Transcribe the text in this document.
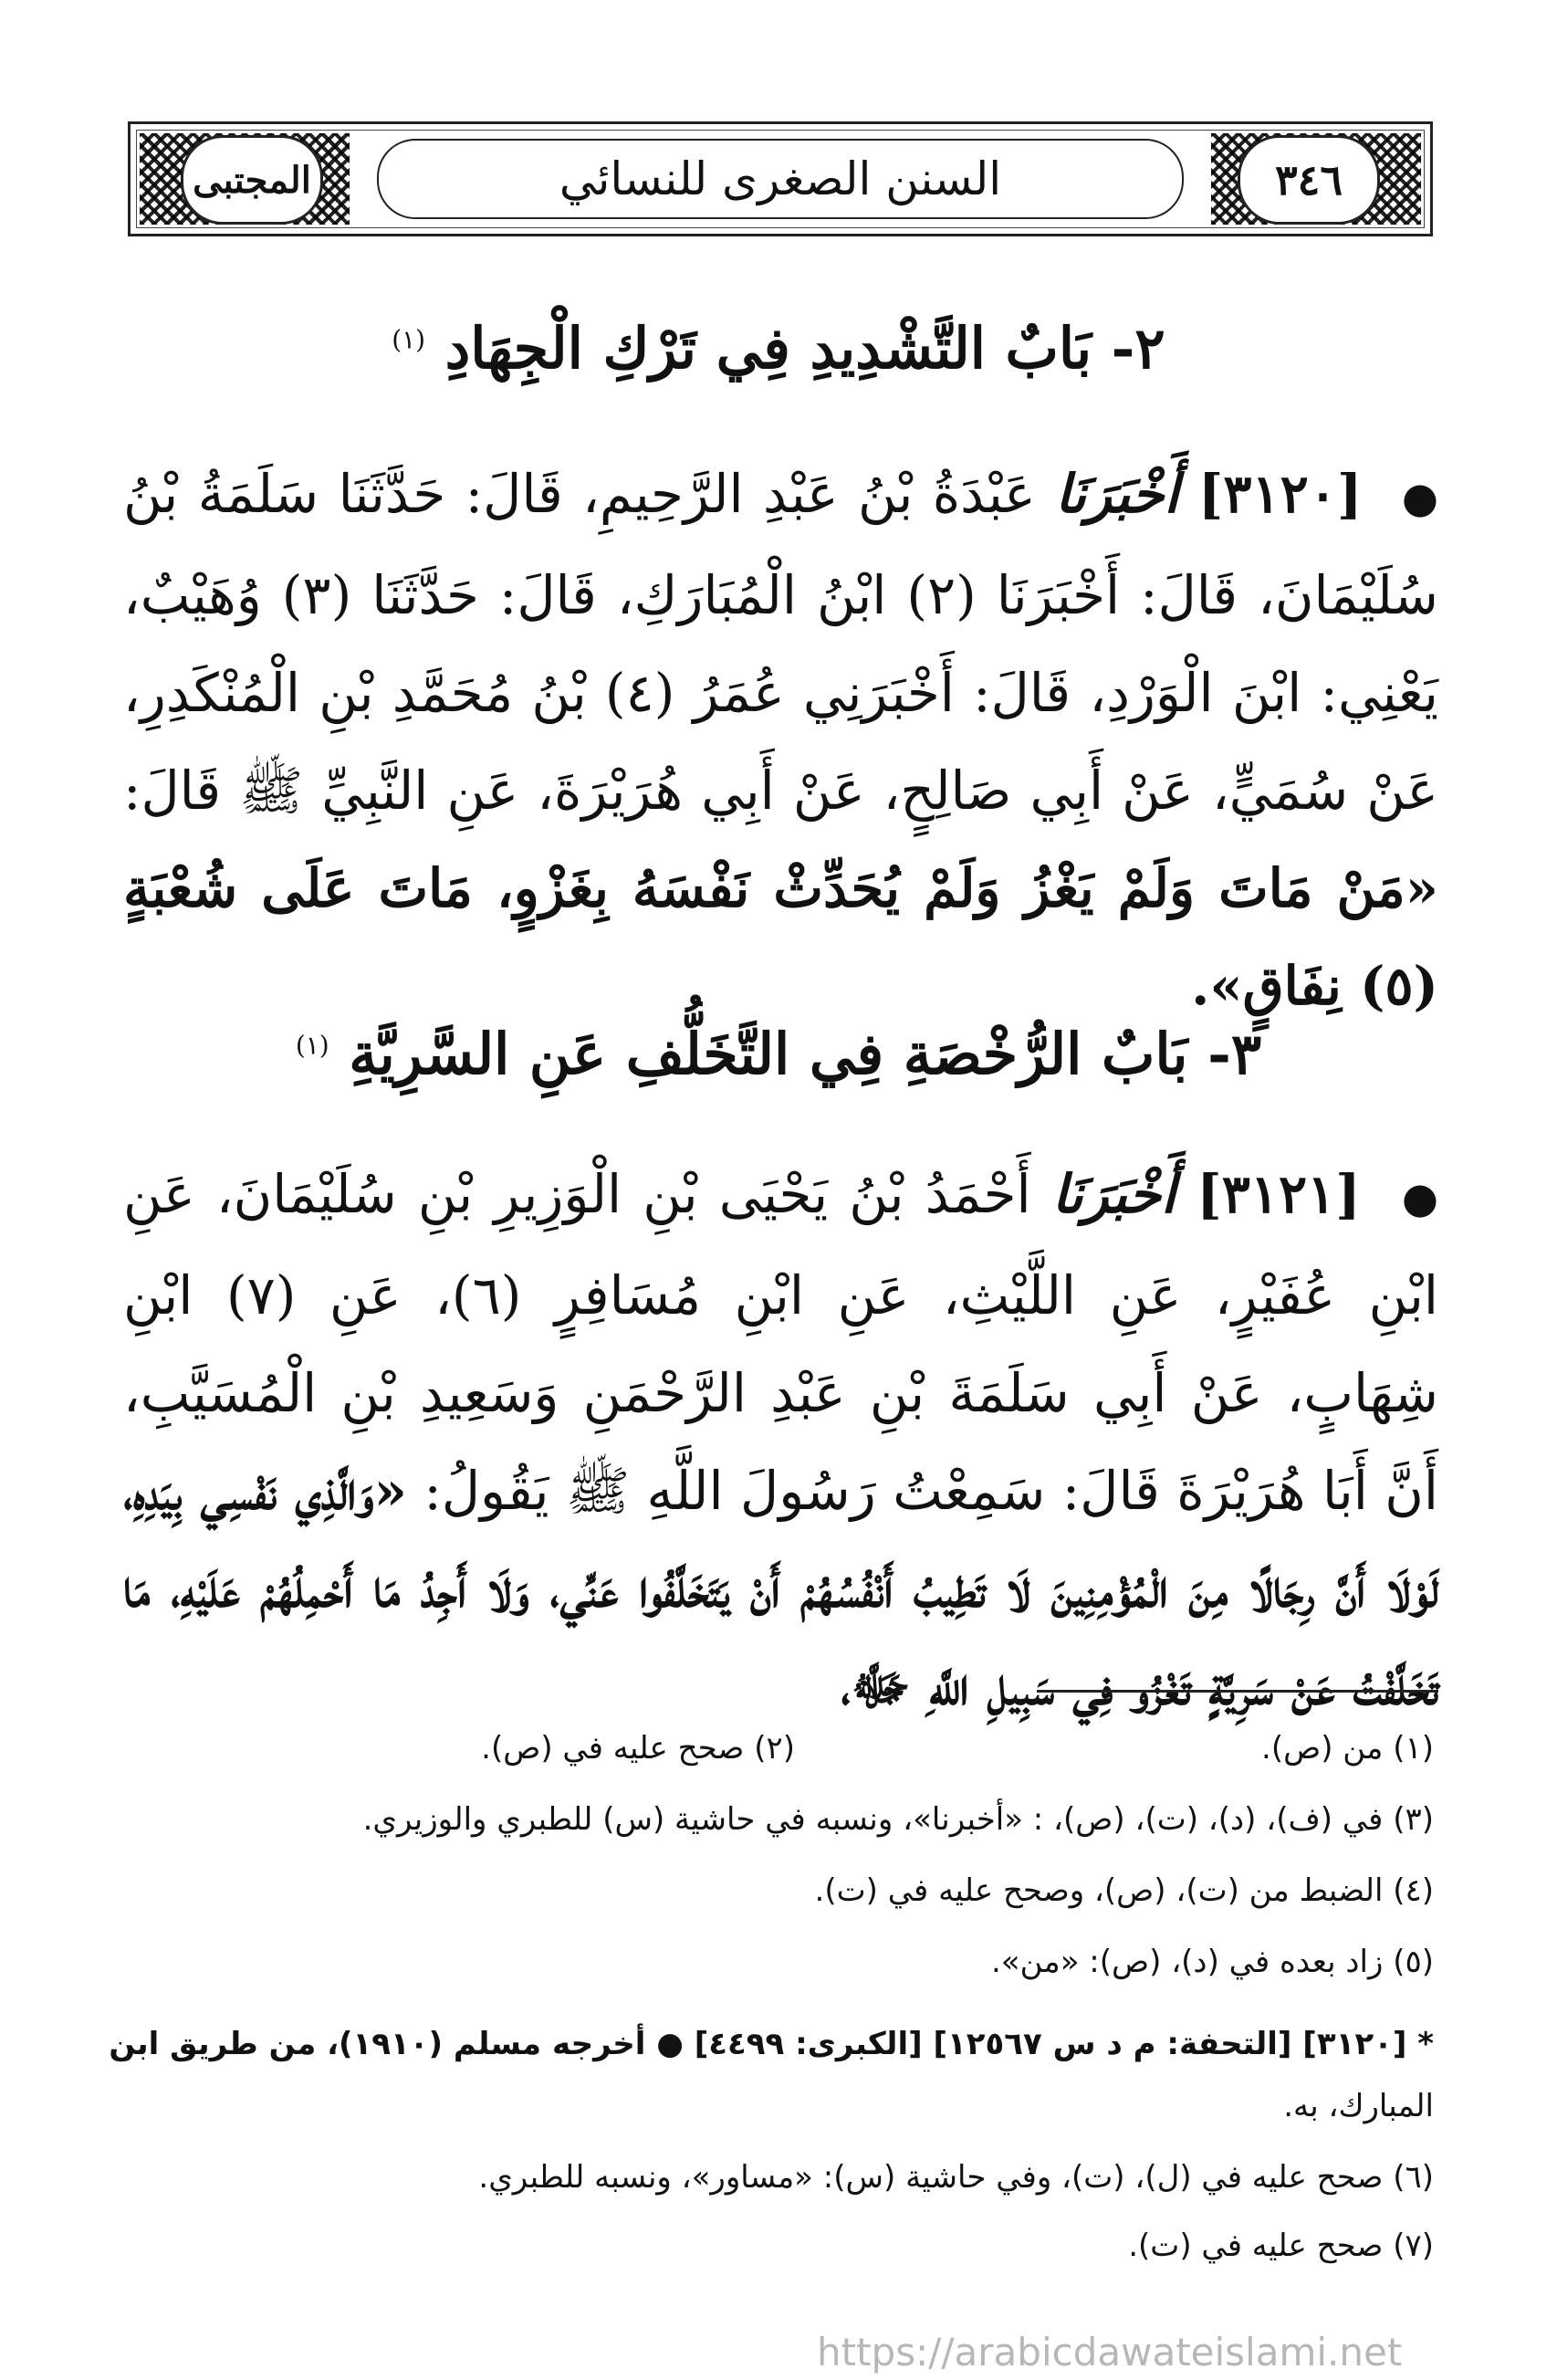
السنن الصغرى للنسائي
المجتبى	٣٤٦
٢- بَابٌ التَّشْدِيدِ فِي تَرْكِ الْجِهَادِ $^{(١)}$
● [٣١٢٠] أَخْبَرَنَا عَبْدَةُ بْنُ عَبْدِ الرَّحِيمِ، قَالَ: حَدَّثَنَا سَلَمَةُ بْنُ سُلَيْمَانَ، قَالَ: أَخْبَرَنَا (٢) ابْنُ الْمُبَارَكِ، قَالَ: حَدَّثَنَا (٣) وُهَيْبٌ، يَعْنِي: ابْنَ الْوَرْدِ، قَالَ: أَخْبَرَنِي عُمَرُ (٤) بْنُ مُحَمَّدِ بْنِ الْمُنْكَدِرِ، عَنْ سُمَيٍّ، عَنْ أَبِي صَالِحٍ، عَنْ أَبِي هُرَيْرَةَ، عَنِ النَّبِيِّ ﷺ قَالَ: «مَنْ مَاتَ وَلَمْ يَغْزُ وَلَمْ يُحَدِّثْ نَفْسَهُ بِغَزْوٍ، مَاتَ عَلَى شُعْبَةٍ (٥) نِفَاقٍ».
٣- بَابٌ الرُّخْصَةِ فِي التَّخَلُّفِ عَنِ السَّرِيَّةِ $^{(١)}$
● [٣١٢١] أَخْبَرَنَا أَحْمَدُ بْنُ يَحْيَى بْنِ الْوَزِيرِ بْنِ سُلَيْمَانَ، عَنِ ابْنِ عُفَيْرٍ، عَنِ اللَّيْثِ، عَنِ ابْنِ مُسَافِرٍ (٦)، عَنِ (٧) ابْنِ شِهَابٍ، عَنْ أَبِي سَلَمَةَ بْنِ عَبْدِ الرَّحْمَنِ وَسَعِيدِ بْنِ الْمُسَيَّبِ، أَنَّ أَبَا هُرَيْرَةَ قَالَ: سَمِعْتُ رَسُولَ اللَّهِ ﷺ يَقُولُ: «وَالَّذِي نَفْسِي بِيَدِهِ، لَوْلَا أَنَّ رِجَالًا مِنَ الْمُؤْمِنِينَ لَا تَطِيبُ أَنْفُسُهُمْ أَنْ يَتَخَلَّفُوا عَنِّي، وَلَا أَجِدُ مَا أَحْمِلُهُمْ عَلَيْهِ، مَا تَخَلَّفْتُ عَنْ سَرِيَّةٍ تَغْزُو فِي سَبِيلِ اللَّهِ ﷻ،
(١) من (ص).
(٢) صحح عليه في (ص).
(٣) في (ف)، (د)، (ت)، (ص)، : «أخبرنا»، ونسبه في حاشية (س) للطبري والوزيري.
(٤) الضبط من (ت)، (ص)، وصحح عليه في (ت).
(٥) زاد بعده في (د)، (ص): «من».
* [٣١٢٠] [التحفة: م د س ١٢٥٦٧] [الكبرى: ٤٤٩٩] ● أخرجه مسلم (١٩١٠)، من طريق ابن
المبارك، به.
(٦) صحح عليه في (ل)، (ت)، وفي حاشية (س): «مساور»، ونسبه للطبري.
(٧) صحح عليه في (ت).
https://arabicdawateislami.net
